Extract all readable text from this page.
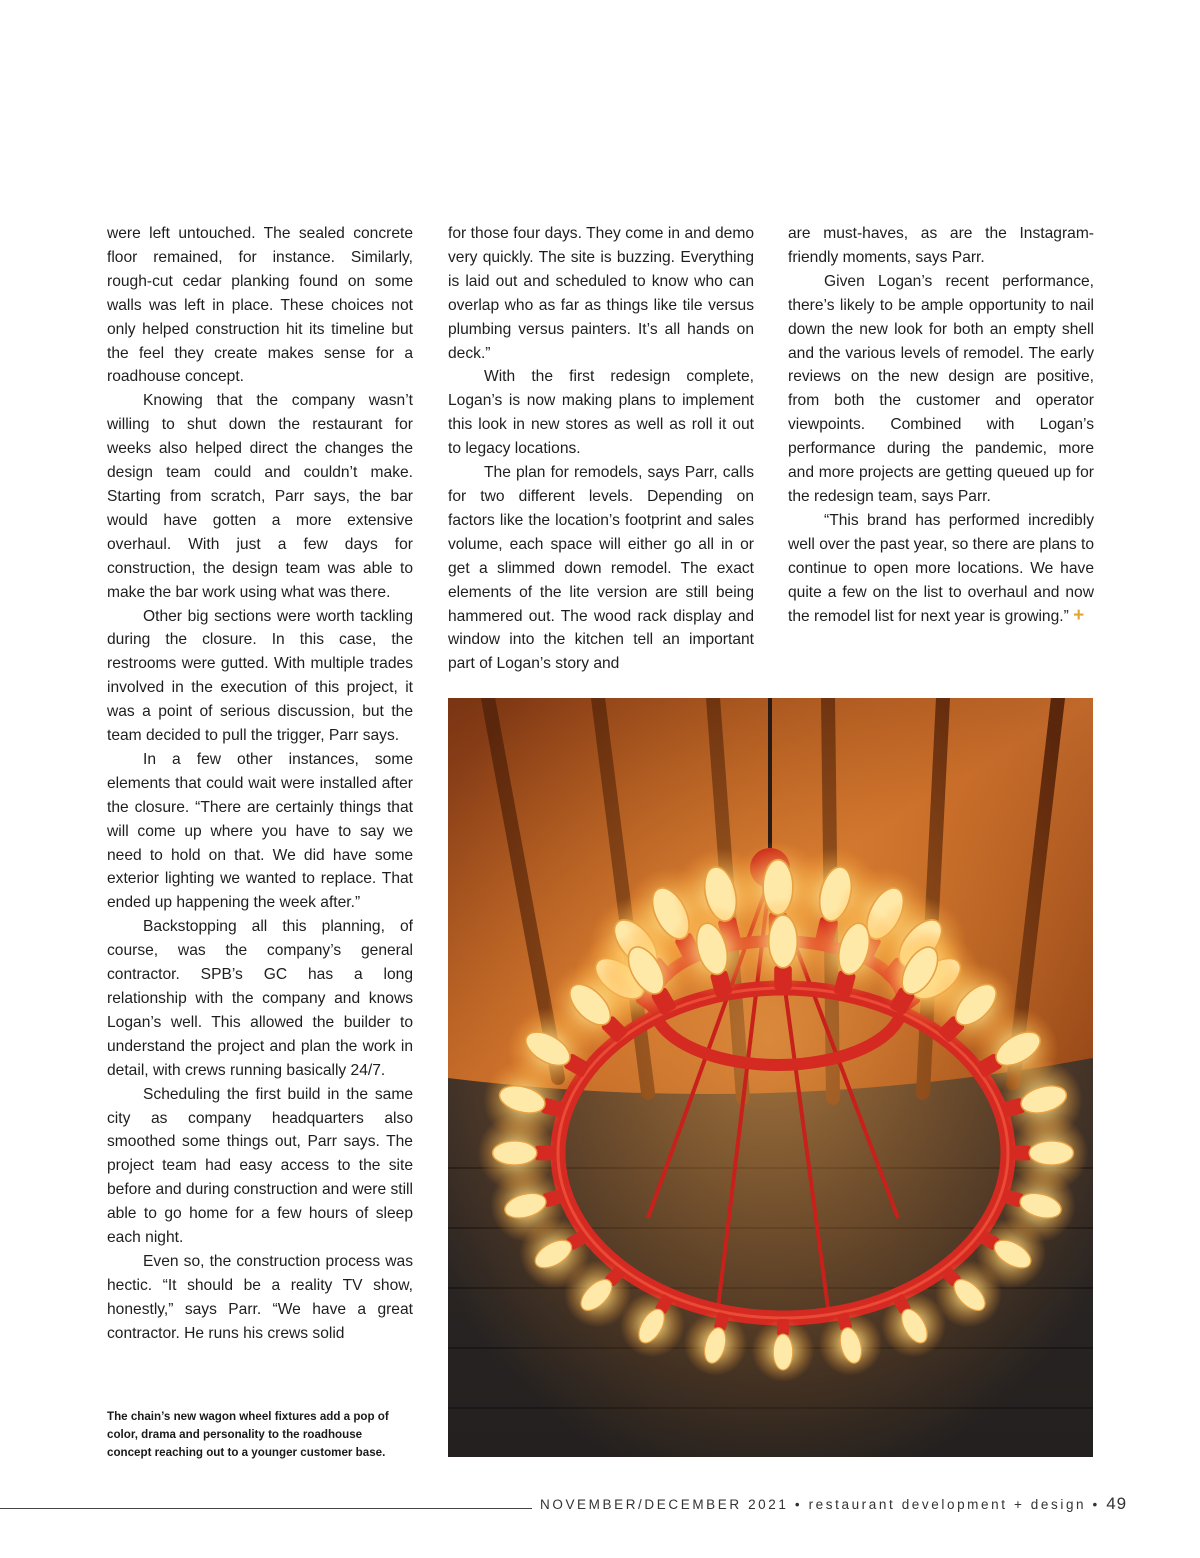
were left untouched. The sealed concrete floor remained, for instance. Similarly, rough-cut cedar planking found on some walls was left in place. These choices not only helped construction hit its timeline but the feel they create makes sense for a roadhouse concept.

Knowing that the company wasn’t willing to shut down the restaurant for weeks also helped direct the changes the design team could and couldn’t make. Starting from scratch, Parr says, the bar would have gotten a more extensive overhaul. With just a few days for construction, the design team was able to make the bar work using what was there.

Other big sections were worth tackling during the closure. In this case, the restrooms were gutted. With multiple trades involved in the execution of this project, it was a point of serious discussion, but the team decided to pull the trigger, Parr says.

In a few other instances, some elements that could wait were installed after the closure. “There are certainly things that will come up where you have to say we need to hold on that. We did have some exterior lighting we wanted to replace. That ended up happening the week after.”

Backstopping all this planning, of course, was the company’s general contractor. SPB’s GC has a long relationship with the company and knows Logan’s well. This allowed the builder to understand the project and plan the work in detail, with crews running basically 24/7.

Scheduling the first build in the same city as company headquarters also smoothed some things out, Parr says. The project team had easy access to the site before and during construction and were still able to go home for a few hours of sleep each night.

Even so, the construction process was hectic. “It should be a reality TV show, honestly,” says Parr. “We have a great contractor. He runs his crews solid

for those four days. They come in and demo very quickly. The site is buzzing. Everything is laid out and scheduled to know who can overlap who as far as things like tile versus plumbing versus painters. It’s all hands on deck.”

With the first redesign complete, Logan’s is now making plans to implement this look in new stores as well as roll it out to legacy locations.

The plan for remodels, says Parr, calls for two different levels. Depending on factors like the location’s footprint and sales volume, each space will either go all in or get a slimmed down remodel. The exact elements of the lite version are still being hammered out. The wood rack display and window into the kitchen tell an important part of Logan’s story and

are must-haves, as are the Instagram-friendly moments, says Parr.

Given Logan’s recent performance, there’s likely to be ample opportunity to nail down the new look for both an empty shell and the various levels of remodel. The early reviews on the new design are positive, from both the customer and operator viewpoints. Combined with Logan’s performance during the pandemic, more and more projects are getting queued up for the redesign team, says Parr.

“This brand has performed incredibly well over the past year, so there are plans to continue to open more locations. We have quite a few on the list to overhaul and now the remodel list for next year is growing.” +

The chain’s new wagon wheel fixtures add a pop of color, drama and personality to the roadhouse concept reaching out to a younger customer base.
NOVEMBER/DECEMBER 2021 • restaurant development + design • 49
